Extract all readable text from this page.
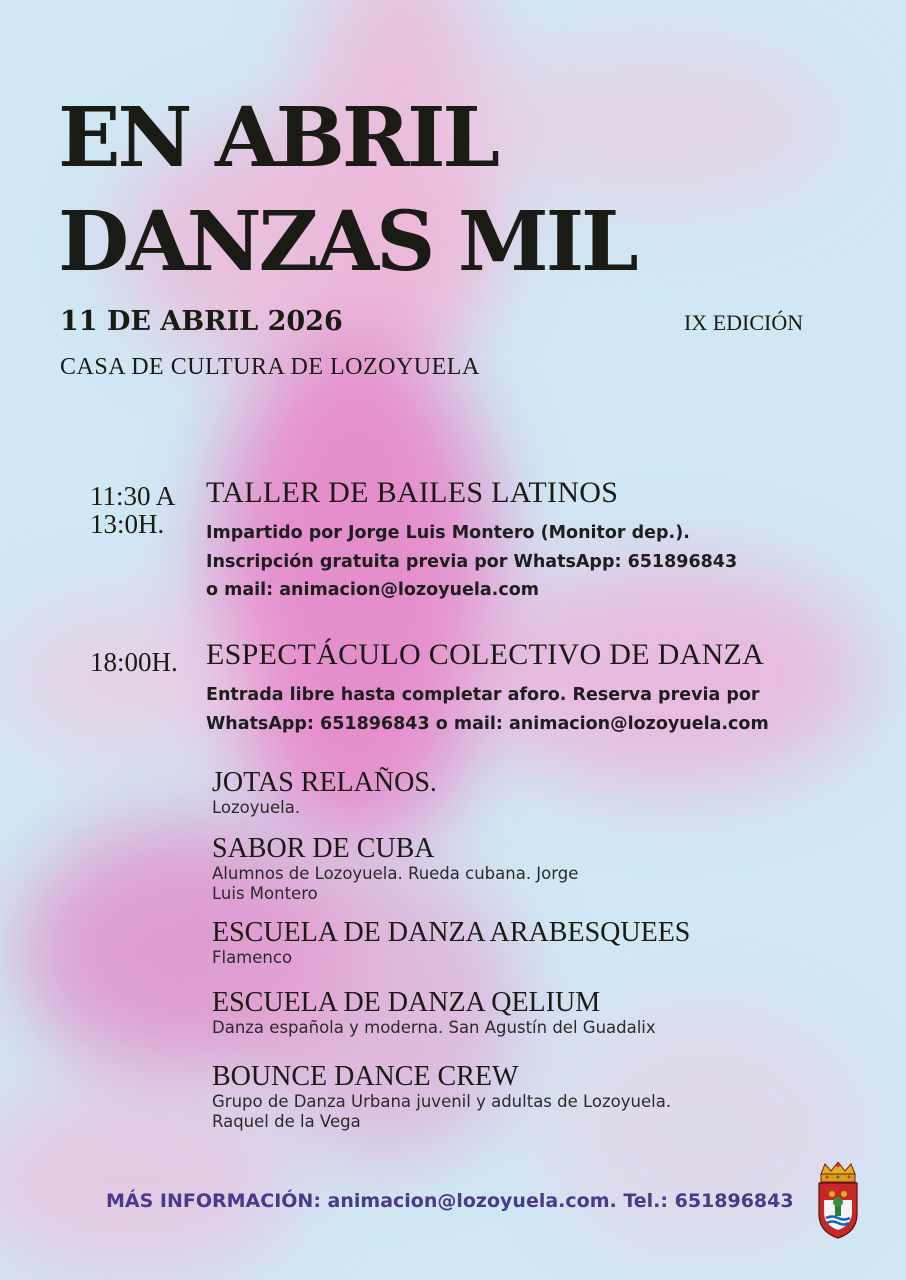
EN ABRIL
DANZAS MIL
11 DE ABRIL 2026	IX EDICIÓN
CASA DE CULTURA DE LOZOYUELA
11:30 A
13:0H.
TALLER DE BAILES LATINOS
Impartido por Jorge Luis Montero (Monitor dep.).
Inscripción gratuita previa por WhatsApp: 651896843
o mail: animacion@lozoyuela.com
18:00H. ESPECTÁCULO COLECTIVO DE DANZA
Entrada libre hasta completar aforo. Reserva previa por
WhatsApp: 651896843 o mail: animacion@lozoyuela.com
JOTAS RELAÑOS.
Lozoyuela.
SABOR DE CUBA
Alumnos de Lozoyuela. Rueda cubana. Jorge
Luis Montero
ESCUELA DE DANZA ARABESQUEES
Flamenco
ESCUELA DE DANZA QELIUM
Danza española y moderna. San Agustín del Guadalix
BOUNCE DANCE CREW
Grupo de Danza Urbana juvenil y adultas de Lozoyuela.
Raquel de la Vega
MÁS INFORMACIÓN: animacion@lozoyuela.com. Tel.: 651896843
